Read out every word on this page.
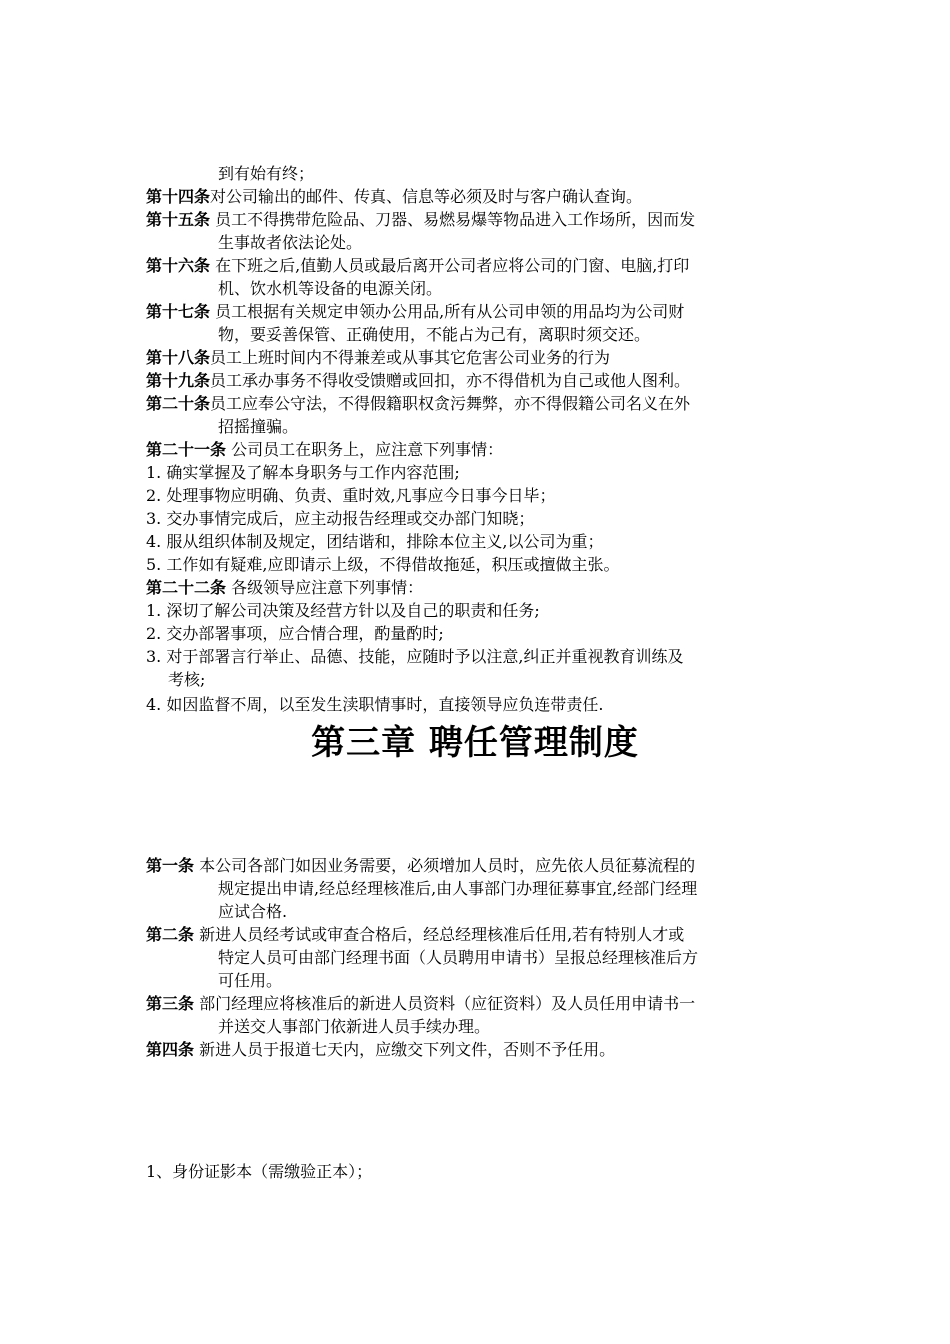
到有始有终；
第十四条对公司输出的邮件、传真、信息等必须及时与客户确认查询。
第十五条 员工不得携带危险品、刀器、易燃易爆等物品进入工作场所，因而发
生事故者依法论处。
第十六条 在下班之后,值勤人员或最后离开公司者应将公司的门窗、电脑,打印
机、饮水机等设备的电源关闭。
第十七条 员工根据有关规定申领办公用品,所有从公司申领的用品均为公司财
物，要妥善保管、正确使用，不能占为己有，离职时须交还。
第十八条员工上班时间内不得兼差或从事其它危害公司业务的行为
第十九条员工承办事务不得收受馈赠或回扣，亦不得借机为自己或他人图利。
第二十条员工应奉公守法，不得假籍职权贪污舞弊，亦不得假籍公司名义在外
招摇撞骗。
第二十一条 公司员工在职务上，应注意下列事情：
1. 确实掌握及了解本身职务与工作内容范围;
2. 处理事物应明确、负责、重时效,凡事应今日事今日毕；
3. 交办事情完成后，应主动报告经理或交办部门知晓；
4. 服从组织体制及规定，团结谐和，排除本位主义,以公司为重；
5. 工作如有疑难,应即请示上级，不得借故拖延，积压或擅做主张。
第二十二条 各级领导应注意下列事情：
1. 深切了解公司决策及经营方针以及自己的职责和任务;
2. 交办部署事项，应合情合理，酌量酌时;
3. 对于部署言行举止、品德、技能，应随时予以注意,纠正并重视教育训练及
考核;
4. 如因监督不周，以至发生渎职情事时，直接领导应负连带责任.
第三章 聘任管理制度
第一条 本公司各部门如因业务需要，必须增加人员时，应先依人员征募流程的
规定提出申请,经总经理核准后,由人事部门办理征募事宜,经部门经理
应试合格.
第二条 新进人员经考试或审查合格后，经总经理核准后任用,若有特别人才或
特定人员可由部门经理书面（人员聘用申请书）呈报总经理核准后方
可任用。
第三条 部门经理应将核准后的新进人员资料（应征资料）及人员任用申请书一
并送交人事部门依新进人员手续办理。
第四条 新进人员于报道七天内，应缴交下列文件，否则不予任用。
1、身份证影本（需缴验正本）；
